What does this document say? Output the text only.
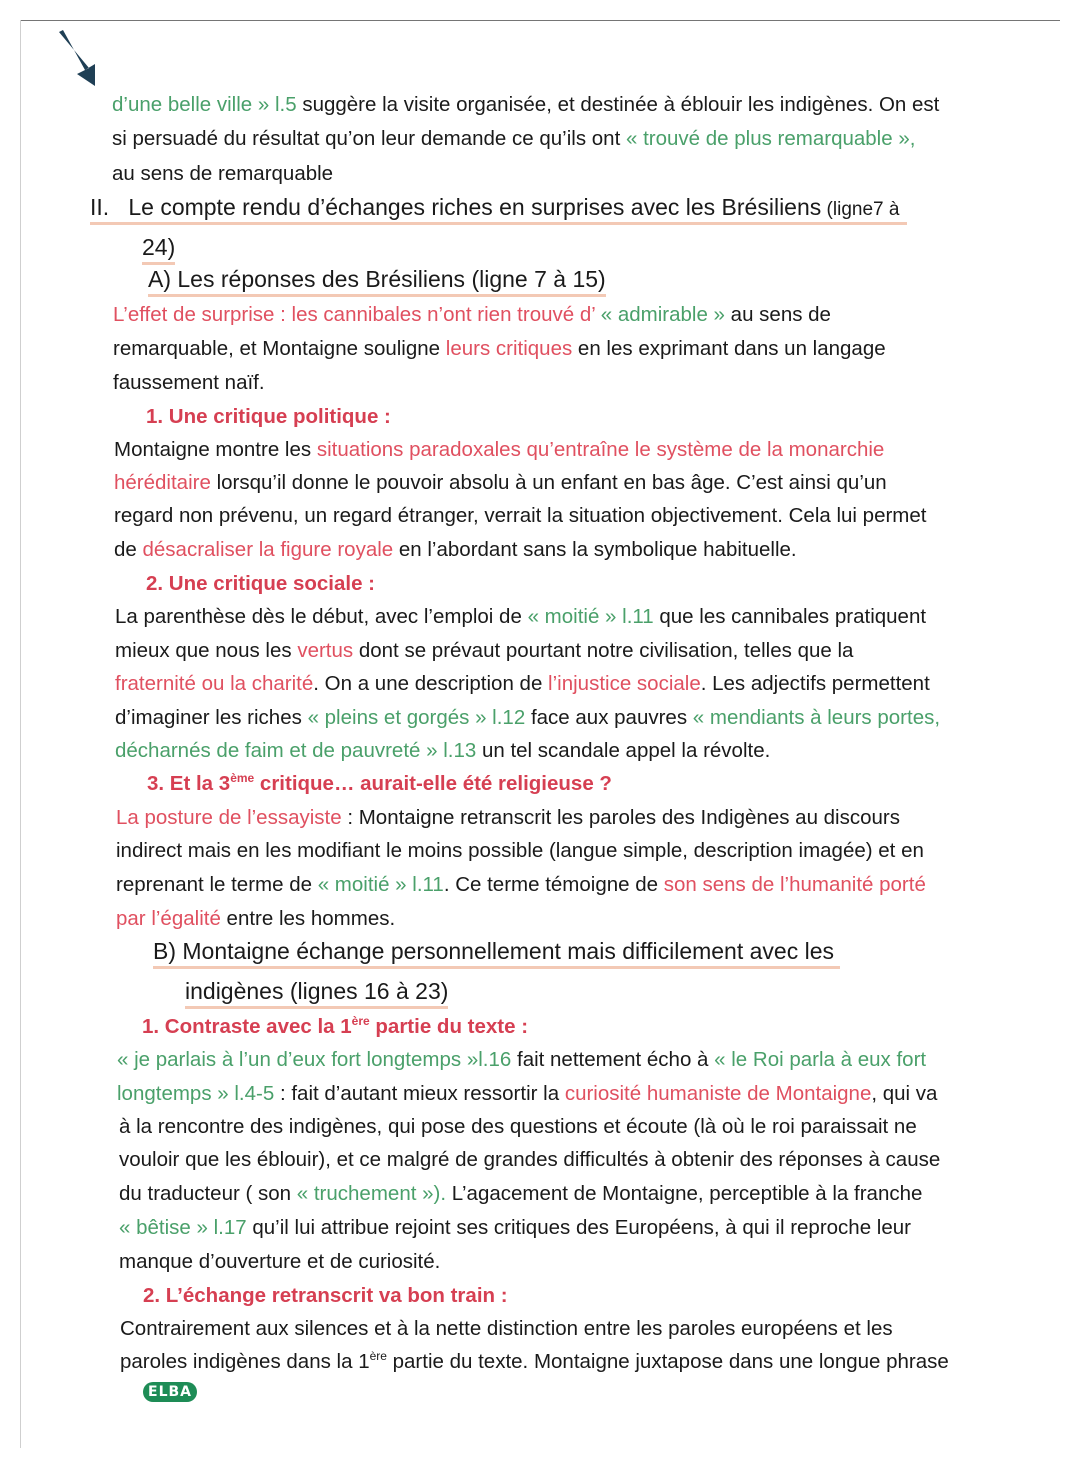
d’une belle ville » l.5 suggère la visite organisée, et destinée à éblouir les indigènes. On est
si persuadé du résultat qu’on leur demande ce qu’ils ont « trouvé de plus remarquable »,
au sens de remarquable
II. Le compte rendu d’échanges riches en surprises avec les Brésiliens (ligne7 à
24)
A) Les réponses des Brésiliens (ligne 7 à 15)
L’effet de surprise : les cannibales n’ont rien trouvé d’ « admirable » au sens de
remarquable, et Montaigne souligne leurs critiques en les exprimant dans un langage
faussement naïf.
1. Une critique politique :
Montaigne montre les situations paradoxales qu’entraîne le système de la monarchie
héréditaire lorsqu’il donne le pouvoir absolu à un enfant en bas âge. C’est ainsi qu’un
regard non prévenu, un regard étranger, verrait la situation objectivement. Cela lui permet
de désacraliser la figure royale en l’abordant sans la symbolique habituelle.
2. Une critique sociale :
La parenthèse dès le début, avec l’emploi de « moitié » l.11 que les cannibales pratiquent
mieux que nous les vertus dont se prévaut pourtant notre civilisation, telles que la
fraternité ou la charité. On a une description de l’injustice sociale. Les adjectifs permettent
d’imaginer les riches « pleins et gorgés » l.12 face aux pauvres « mendiants à leurs portes,
décharnés de faim et de pauvreté » l.13 un tel scandale appel la révolte.
3. Et la 3ème critique… aurait-elle été religieuse ?
La posture de l’essayiste : Montaigne retranscrit les paroles des Indigènes au discours
indirect mais en les modifiant le moins possible (langue simple, description imagée) et en
reprenant le terme de « moitié » l.11. Ce terme témoigne de son sens de l’humanité porté
par l’égalité entre les hommes.
B) Montaigne échange personnellement mais difficilement avec les
indigènes (lignes 16 à 23)
1. Contraste avec la 1ère partie du texte :
« je parlais à l’un d’eux fort longtemps »l.16 fait nettement écho à « le Roi parla à eux fort
longtemps » l.4-5 : fait d’autant mieux ressortir la curiosité humaniste de Montaigne, qui va
à la rencontre des indigènes, qui pose des questions et écoute (là où le roi paraissait ne
vouloir que les éblouir), et ce malgré de grandes difficultés à obtenir des réponses à cause
du traducteur ( son « truchement »). L’agacement de Montaigne, perceptible à la franche
« bêtise » l.17 qu’il lui attribue rejoint ses critiques des Européens, à qui il reproche leur
manque d’ouverture et de curiosité.
2. L’échange retranscrit va bon train :
Contrairement aux silences et à la nette distinction entre les paroles européens et les
paroles indigènes dans la 1ère partie du texte. Montaigne juxtapose dans une longue phrase
ELBA
